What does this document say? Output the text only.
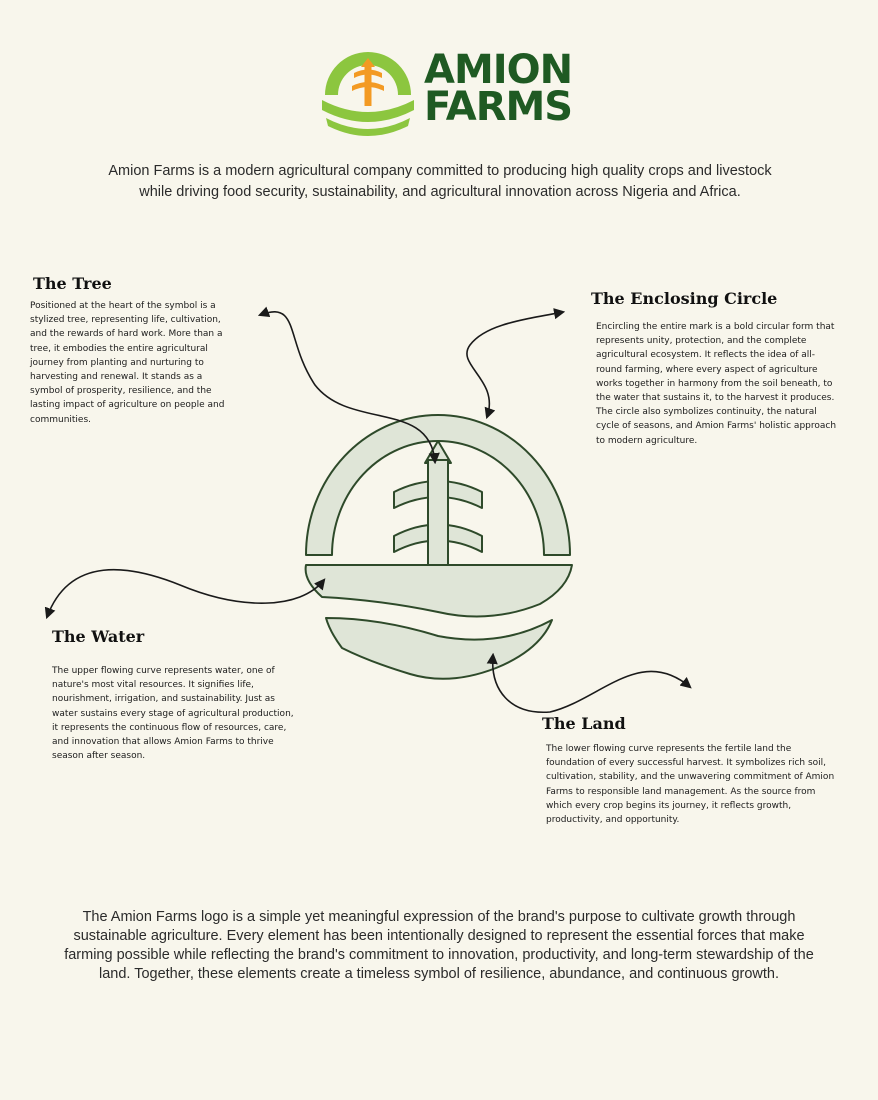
AMION
FARMS
Amion Farms is a modern agricultural company committed to producing high quality crops and livestock while driving food security, sustainability, and agricultural innovation across Nigeria and Africa.
The Tree
Positioned at the heart of the symbol is a stylized tree, representing life, cultivation, and the rewards of hard work. More than a tree, it embodies the entire agricultural journey from planting and nurturing to harvesting and renewal. It stands as a symbol of prosperity, resilience, and the lasting impact of agriculture on people and communities.
The Enclosing Circle
Encircling the entire mark is a bold circular form that represents unity, protection, and the complete agricultural ecosystem. It reflects the idea of all-round farming, where every aspect of agriculture works together in harmony from the soil beneath, to the water that sustains it, to the harvest it produces. The circle also symbolizes continuity, the natural cycle of seasons, and Amion Farms' holistic approach to modern agriculture.
The Water
The upper flowing curve represents water, one of nature's most vital resources. It signifies life, nourishment, irrigation, and sustainability. Just as water sustains every stage of agricultural production, it represents the continuous flow of resources, care, and innovation that allows Amion Farms to thrive season after season.
The Land
The lower flowing curve represents the fertile land the foundation of every successful harvest. It symbolizes rich soil, cultivation, stability, and the unwavering commitment of Amion Farms to responsible land management. As the source from which every crop begins its journey, it reflects growth, productivity, and opportunity.
The Amion Farms logo is a simple yet meaningful expression of the brand's purpose to cultivate growth through sustainable agriculture. Every element has been intentionally designed to represent the essential forces that make farming possible while reflecting the brand's commitment to innovation, productivity, and long-term stewardship of the land. Together, these elements create a timeless symbol of resilience, abundance, and continuous growth.
